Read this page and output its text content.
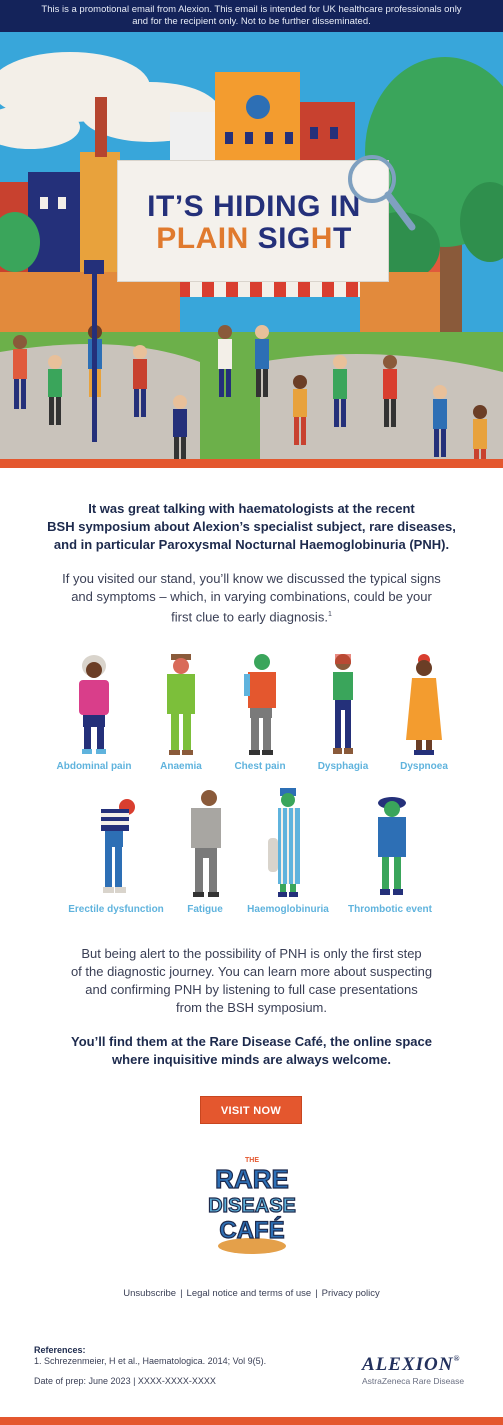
This is a promotional email from Alexion. This email is intended for UK healthcare professionals only
and for the recipient only. Not to be further disseminated.
IT’S HIDING IN
PLAIN SIGHT
It was great talking with haematologists at the recent
BSH symposium about Alexion’s specialist subject, rare diseases,
and in particular Paroxysmal Nocturnal Haemoglobinuria (PNH).
If you visited our stand, you’ll know we discussed the typical signs
and symptoms – which, in varying combinations, could be your
first clue to early diagnosis.$^1$
Abdominal pain	Anaemia	Chest pain	Dysphagia	Dyspnoea
Erectile dysfunction Fatigue Haemoglobinuria Thrombotic event
But being alert to the possibility of PNH is only the first step
of the diagnostic journey. You can learn more about suspecting
and confirming PNH by listening to full case presentations
from the BSH symposium.
You’ll find them at the Rare Disease Café, the online space
where inquisitive minds are always welcome.
VISIT NOW
THE
RARE
DISEASE
CAFÉ
Unsubscribe | Legal notice and terms of use | Privacy policy
References:
1. Schrezenmeier, H et al., Haematologica. 2014; Vol 9(5).
Date of prep: June 2023 | XXXX-XXXX-XXXX
ALEXION®
AstraZeneca Rare Disease
